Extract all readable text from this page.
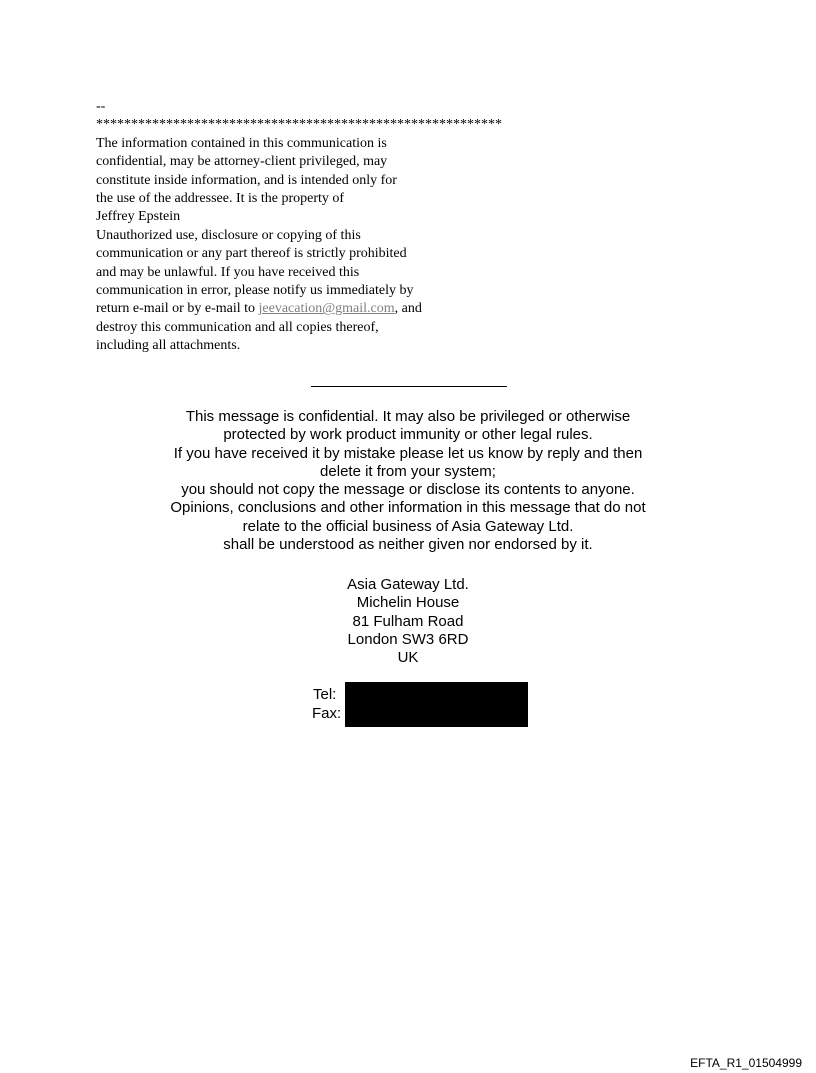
--
**********************************************************
The information contained in this communication is
confidential, may be attorney-client privileged, may
constitute inside information, and is intended only for
the use of the addressee. It is the property of
Jeffrey Epstein
Unauthorized use, disclosure or copying of this
communication or any part thereof is strictly prohibited
and may be unlawful. If you have received this
communication in error, please notify us immediately by
return e-mail or by e-mail to jeevacation@gmail.com, and
destroy this communication and all copies thereof,
including all attachments.
This message is confidential. It may also be privileged or otherwise
protected by work product immunity or other legal rules.
If you have received it by mistake please let us know by reply and then
delete it from your system;
you should not copy the message or disclose its contents to anyone.
Opinions, conclusions and other information in this message that do not
relate to the official business of Asia Gateway Ltd.
shall be understood as neither given nor endorsed by it.
Asia Gateway Ltd.
Michelin House
81 Fulham Road
London SW3 6RD
UK
Tel:
Fax:
EFTA_R1_01504999
